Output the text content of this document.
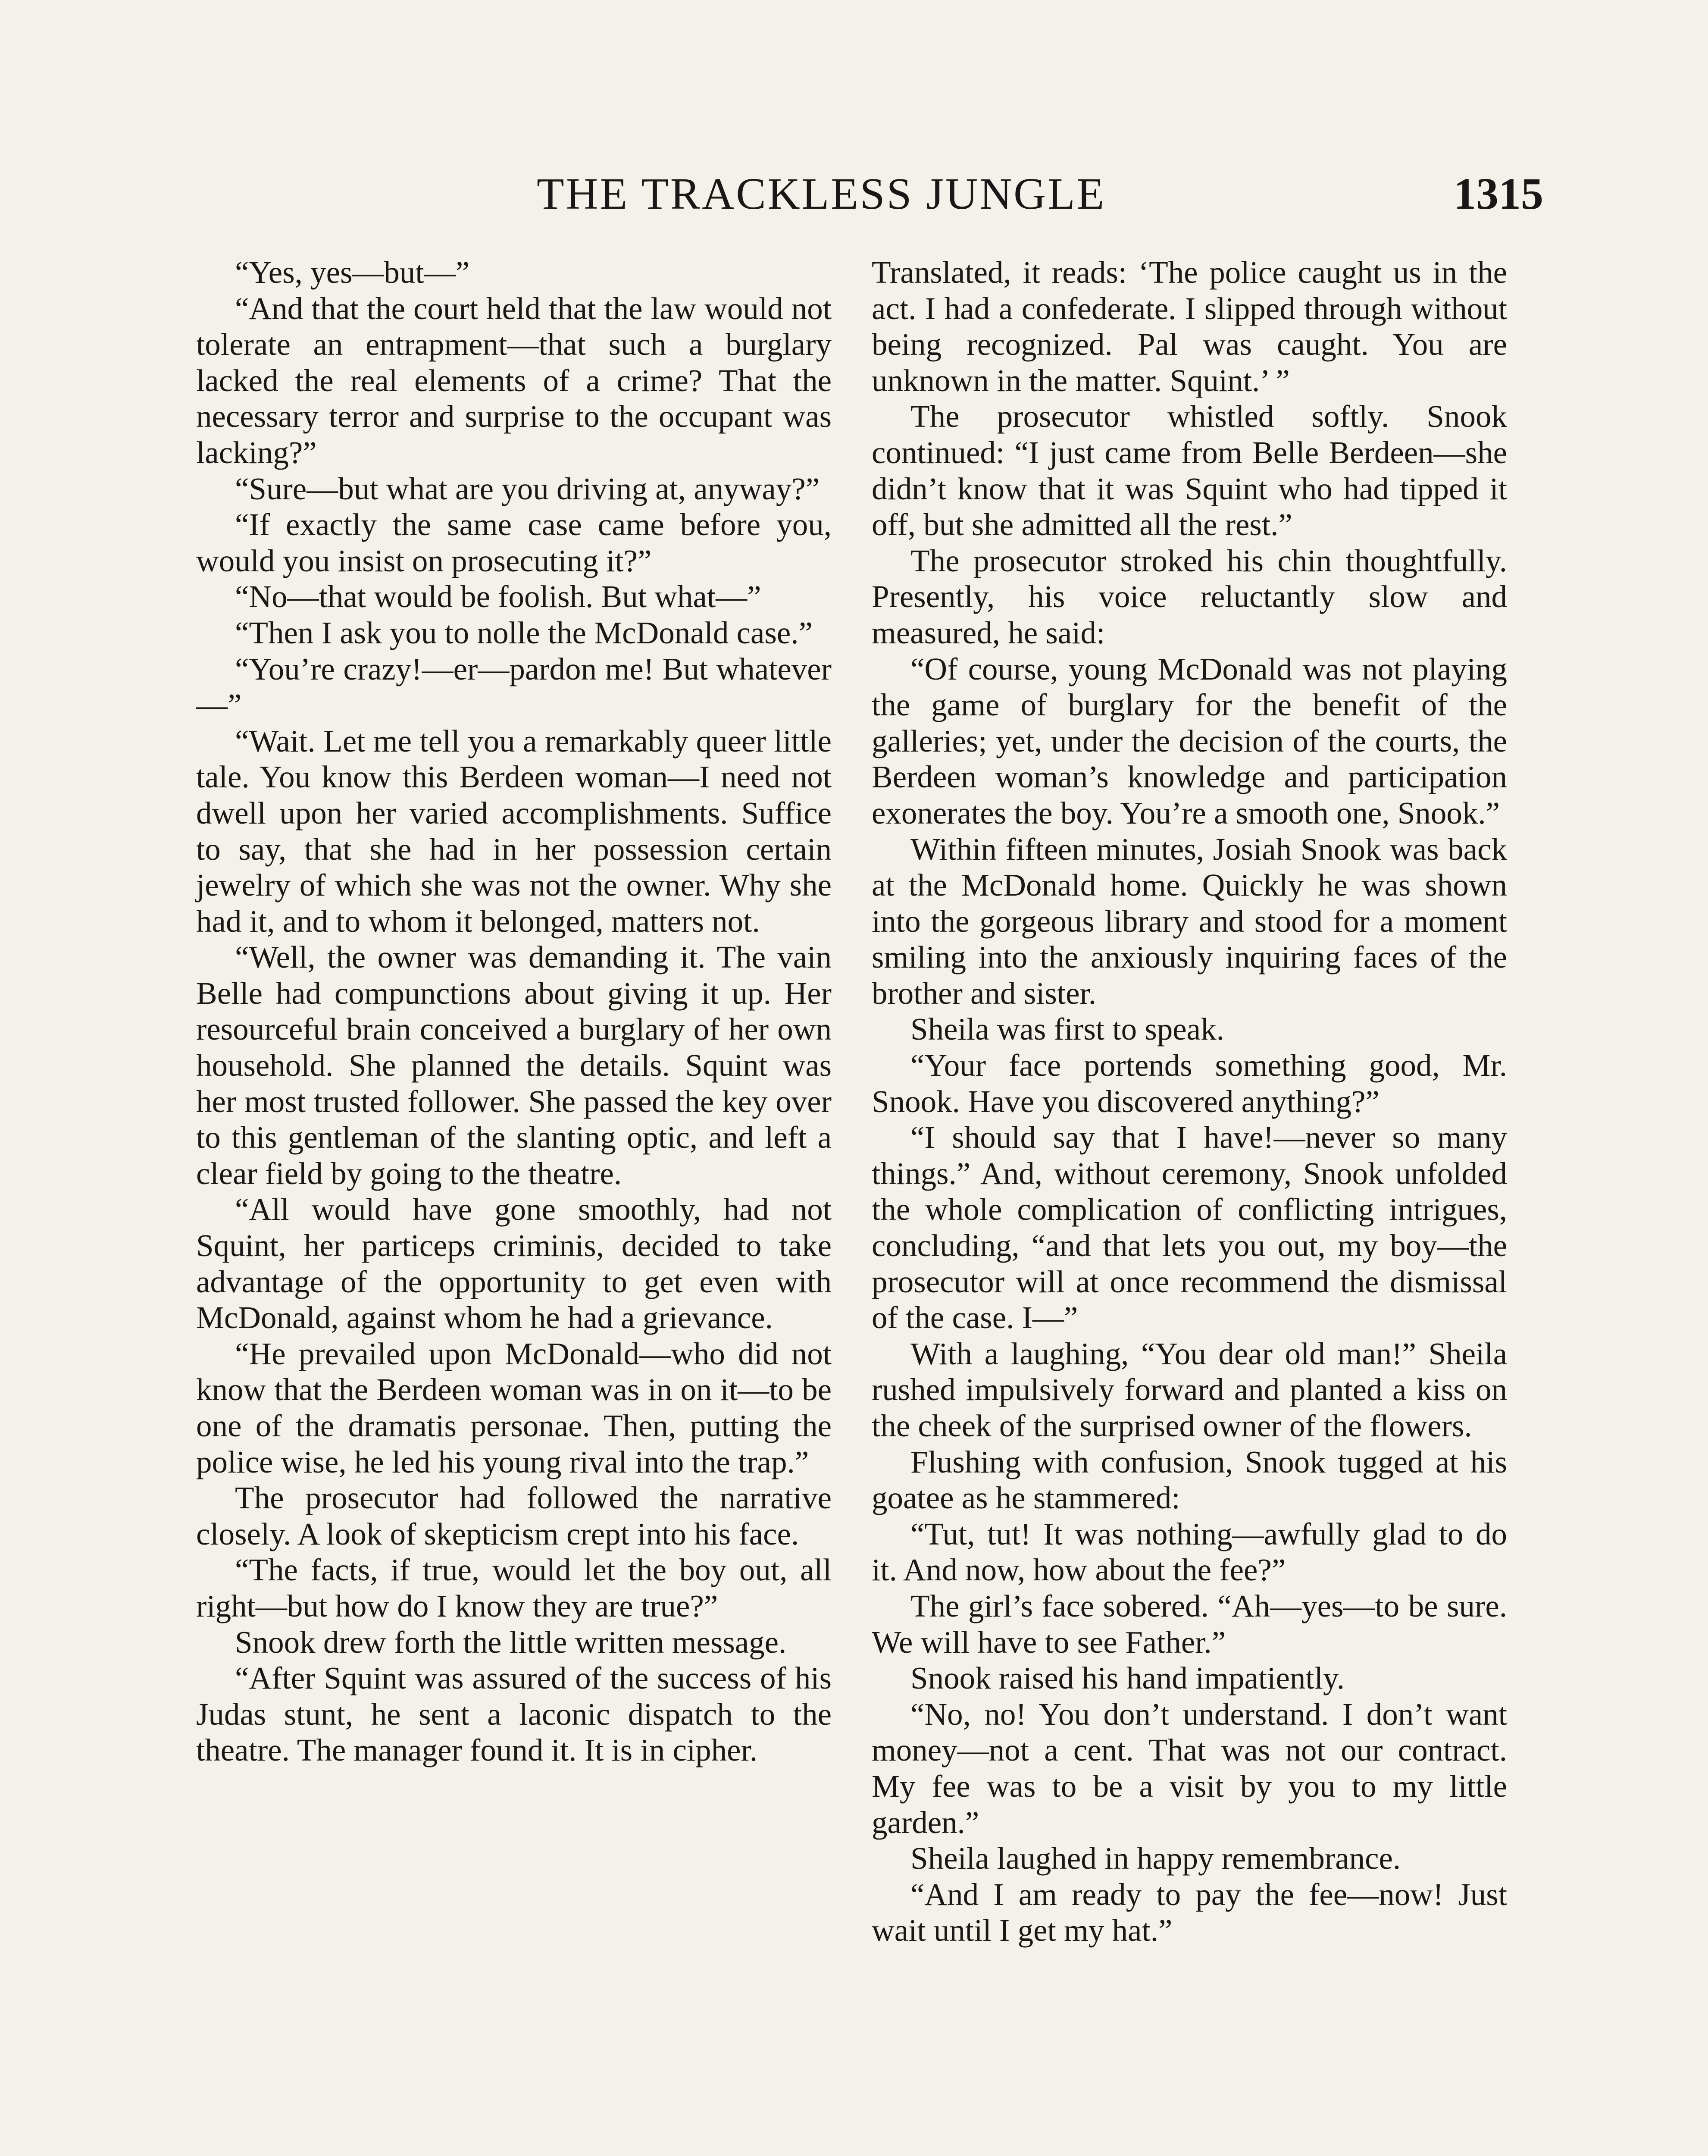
THE TRACKLESS JUNGLE	1315

“Yes, yes—but—”

“And that the court held that the law would not tolerate an entrapment—that such a burglary lacked the real elements of a crime? That the necessary terror and surprise to the occupant was lacking?”

“Sure—but what are you driving at, anyway?”

“If exactly the same case came before you, would you insist on prosecuting it?”

“No—that would be foolish. But what—”

“Then I ask you to nolle the McDonald case.”

“You’re crazy!—er—pardon me! But whatever—”

“Wait. Let me tell you a remarkably queer little tale. You know this Berdeen woman—I need not dwell upon her varied accomplishments. Suffice to say, that she had in her possession certain jewelry of which she was not the owner. Why she had it, and to whom it belonged, matters not.

“Well, the owner was demanding it. The vain Belle had compunctions about giving it up. Her resourceful brain conceived a burglary of her own household. She planned the details. Squint was her most trusted follower. She passed the key over to this gentleman of the slanting optic, and left a clear field by going to the theatre.

“All would have gone smoothly, had not Squint, her particeps criminis, decided to take advantage of the opportunity to get even with McDonald, against whom he had a grievance.

“He prevailed upon McDonald—who did not know that the Berdeen woman was in on it—to be one of the dramatis personae. Then, putting the police wise, he led his young rival into the trap.”

The prosecutor had followed the narrative closely. A look of skepticism crept into his face.

“The facts, if true, would let the boy out, all right—but how do I know they are true?”

Snook drew forth the little written message.

“After Squint was assured of the success of his Judas stunt, he sent a laconic dispatch to the theatre. The manager found it. It is in cipher.

Translated, it reads: ‘The police caught us in the act. I had a confederate. I slipped through without being recognized. Pal was caught. You are unknown in the matter. Squint.’ ”

The prosecutor whistled softly. Snook continued: “I just came from Belle Berdeen—she didn’t know that it was Squint who had tipped it off, but she admitted all the rest.”

The prosecutor stroked his chin thoughtfully. Presently, his voice reluctantly slow and measured, he said:

“Of course, young McDonald was not playing the game of burglary for the benefit of the galleries; yet, under the decision of the courts, the Berdeen woman’s knowledge and participation exonerates the boy. You’re a smooth one, Snook.”

Within fifteen minutes, Josiah Snook was back at the McDonald home. Quickly he was shown into the gorgeous library and stood for a moment smiling into the anxiously inquiring faces of the brother and sister.

Sheila was first to speak.

“Your face portends something good, Mr. Snook. Have you discovered anything?”

“I should say that I have!—never so many things.” And, without ceremony, Snook unfolded the whole complication of conflicting intrigues, concluding, “and that lets you out, my boy—the prosecutor will at once recommend the dismissal of the case. I—”

With a laughing, “You dear old man!” Sheila rushed impulsively forward and planted a kiss on the cheek of the surprised owner of the flowers.

Flushing with confusion, Snook tugged at his goatee as he stammered:

“Tut, tut! It was nothing—awfully glad to do it. And now, how about the fee?”

The girl’s face sobered. “Ah—yes—to be sure. We will have to see Father.”

Snook raised his hand impatiently.

“No, no! You don’t understand. I don’t want money—not a cent. That was not our contract. My fee was to be a visit by you to my little garden.”

Sheila laughed in happy remembrance.

“And I am ready to pay the fee—now! Just wait until I get my hat.”
